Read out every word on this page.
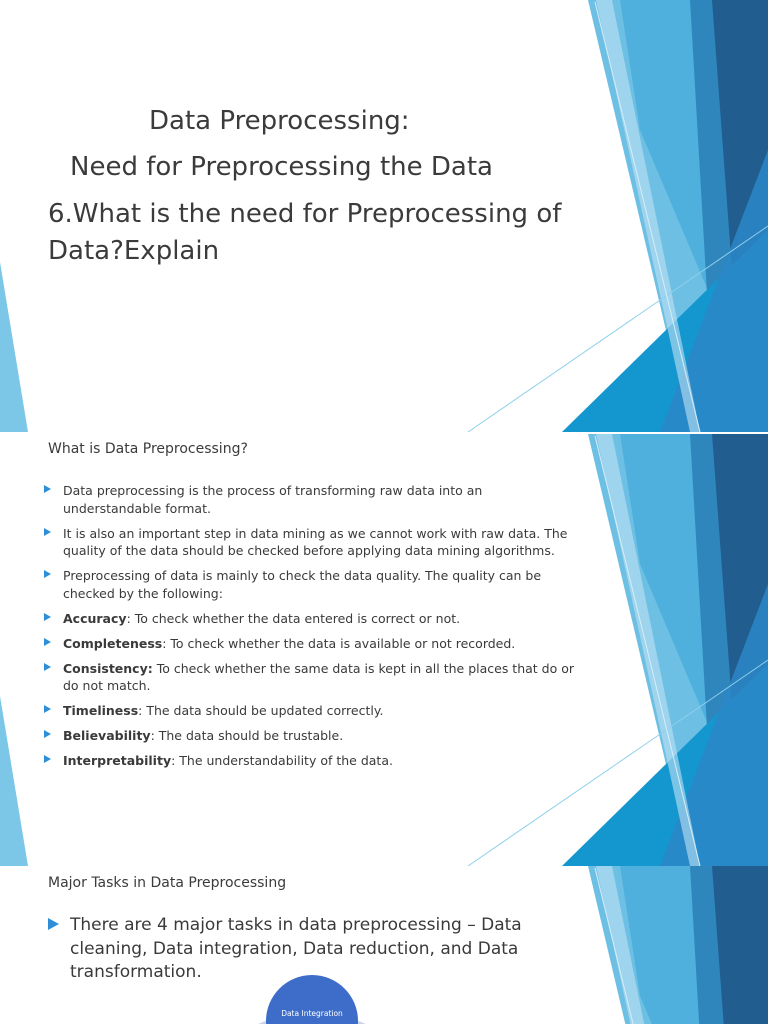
Data Preprocessing:
Need for Preprocessing the Data
6.What is the need for Preprocessing of
Data?Explain
What is Data Preprocessing?
Data preprocessing is the process of transforming raw data into an understandable format.
It is also an important step in data mining as we cannot work with raw data. The quality of the data should be checked before applying data mining algorithms.
Preprocessing of data is mainly to check the data quality. The quality can be checked by the following:
Accuracy: To check whether the data entered is correct or not.
Completeness: To check whether the data is available or not recorded.
Consistency: To check whether the same data is kept in all the places that do or do not match.
Timeliness: The data should be updated correctly.
Believability: The data should be trustable.
Interpretability: The understandability of the data.
Major Tasks in Data Preprocessing
There are 4 major tasks in data preprocessing – Data cleaning, Data integration, Data reduction, and Data transformation.
Data Integration
